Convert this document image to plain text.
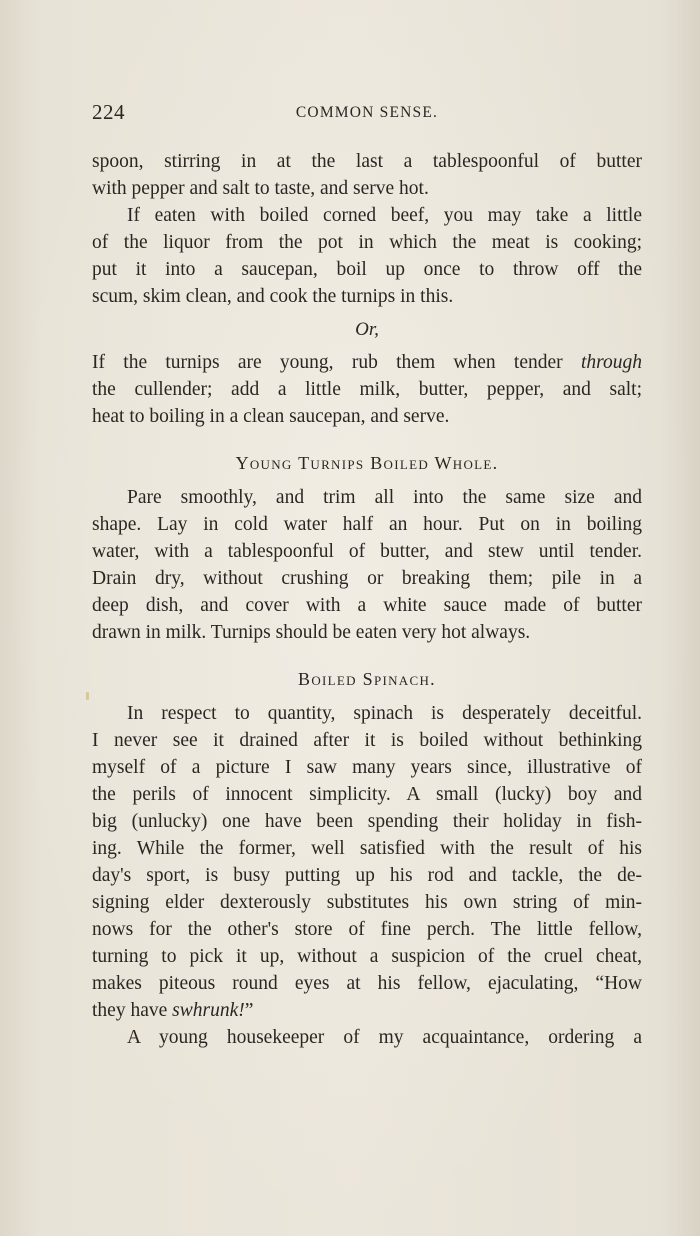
224	COMMON SENSE.
spoon, stirring in at the last a tablespoonful of butter
with pepper and salt to taste, and serve hot.
If eaten with boiled corned beef, you may take a little
of the liquor from the pot in which the meat is cooking;
put it into a saucepan, boil up once to throw off the
scum, skim clean, and cook the turnips in this.
Or,
If the turnips are young, rub them when tender through
the cullender; add a little milk, butter, pepper, and salt;
heat to boiling in a clean saucepan, and serve.
Young Turnips Boiled Whole.
Pare smoothly, and trim all into the same size and
shape. Lay in cold water half an hour. Put on in boiling
water, with a tablespoonful of butter, and stew until tender.
Drain dry, without crushing or breaking them; pile in a
deep dish, and cover with a white sauce made of butter
drawn in milk. Turnips should be eaten very hot always.
Boiled Spinach.
In respect to quantity, spinach is desperately deceitful.
I never see it drained after it is boiled without bethinking
myself of a picture I saw many years since, illustrative of
the perils of innocent simplicity. A small (lucky) boy and
big (unlucky) one have been spending their holiday in fish-
ing. While the former, well satisfied with the result of his
day's sport, is busy putting up his rod and tackle, the de-
signing elder dexterously substitutes his own string of min-
nows for the other's store of fine perch. The little fellow,
turning to pick it up, without a suspicion of the cruel cheat,
makes piteous round eyes at his fellow, ejaculating, “How
they have swhrunk!”
A young housekeeper of my acquaintance, ordering a
